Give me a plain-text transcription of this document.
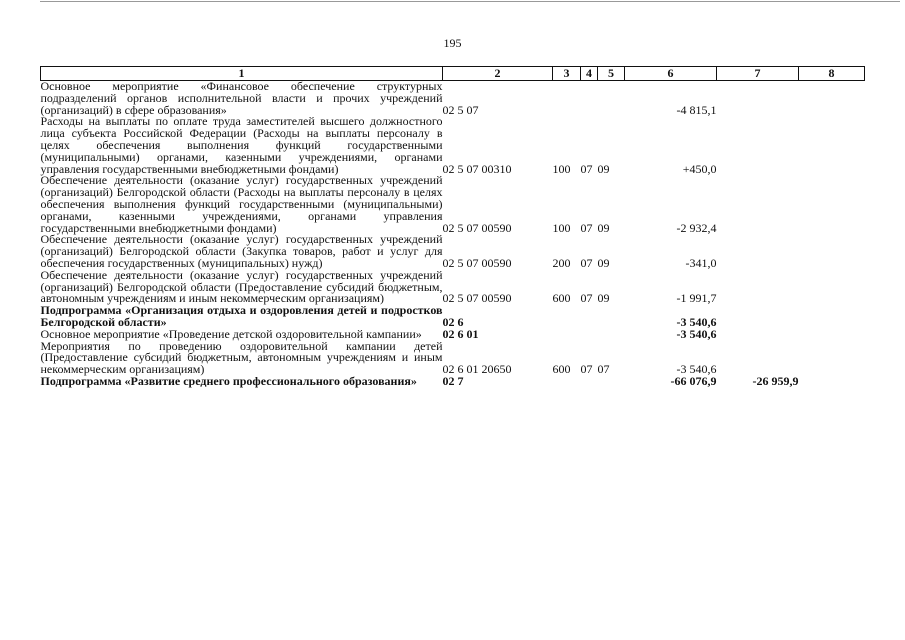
195
1	2	3	4	5	6	7	8

Основное мероприятие «Финансовое обеспечение структурных подразделений органов исполнительной власти и прочих учреждений (организаций) в сфере образования»	02 5 07				-4 815,1		

Расходы на выплаты по оплате труда заместителей высшего должностного лица субъекта Российской Федерации (Расходы на выплаты персоналу в целях обеспечения выполнения функций государственными (муниципальными) органами, казенными учреждениями, органами управления государственными внебюджетными фондами)	02 5 07 00310	100	07	09	+450,0		

Обеспечение деятельности (оказание услуг) государственных учреждений (организаций) Белгородской области (Расходы на выплаты персоналу в целях обеспечения выполнения функций государственными (муниципальными) органами, казенными учреждениями, органами управления государственными внебюджетными фондами)	02 5 07 00590	100	07	09	-2 932,4		

Обеспечение деятельности (оказание услуг) государственных учреждений (организаций) Белгородской области (Закупка товаров, работ и услуг для обеспечения государственных (муниципальных) нужд)	02 5 07 00590	200	07	09	-341,0		

Обеспечение деятельности (оказание услуг) государственных учреждений (организаций) Белгородской области (Предоставление субсидий бюджетным, автономным учреждениям и иным некоммерческим организациям)	02 5 07 00590	600	07	09	-1 991,7		

Подпрограмма «Организация отдыха и оздоровления детей и подростков Белгородской области»	02 6				-3 540,6		

Основное мероприятие «Проведение детской оздоровительной кампании»	02 6 01				-3 540,6		

Мероприятия по проведению оздоровительной кампании детей (Предоставление субсидий бюджетным, автономным учреждениям и иным некоммерческим организациям)	02 6 01 20650	600	07	07	-3 540,6		

Подпрограмма «Развитие среднего профессионального образования»	02 7				-66 076,9	-26 959,9	
